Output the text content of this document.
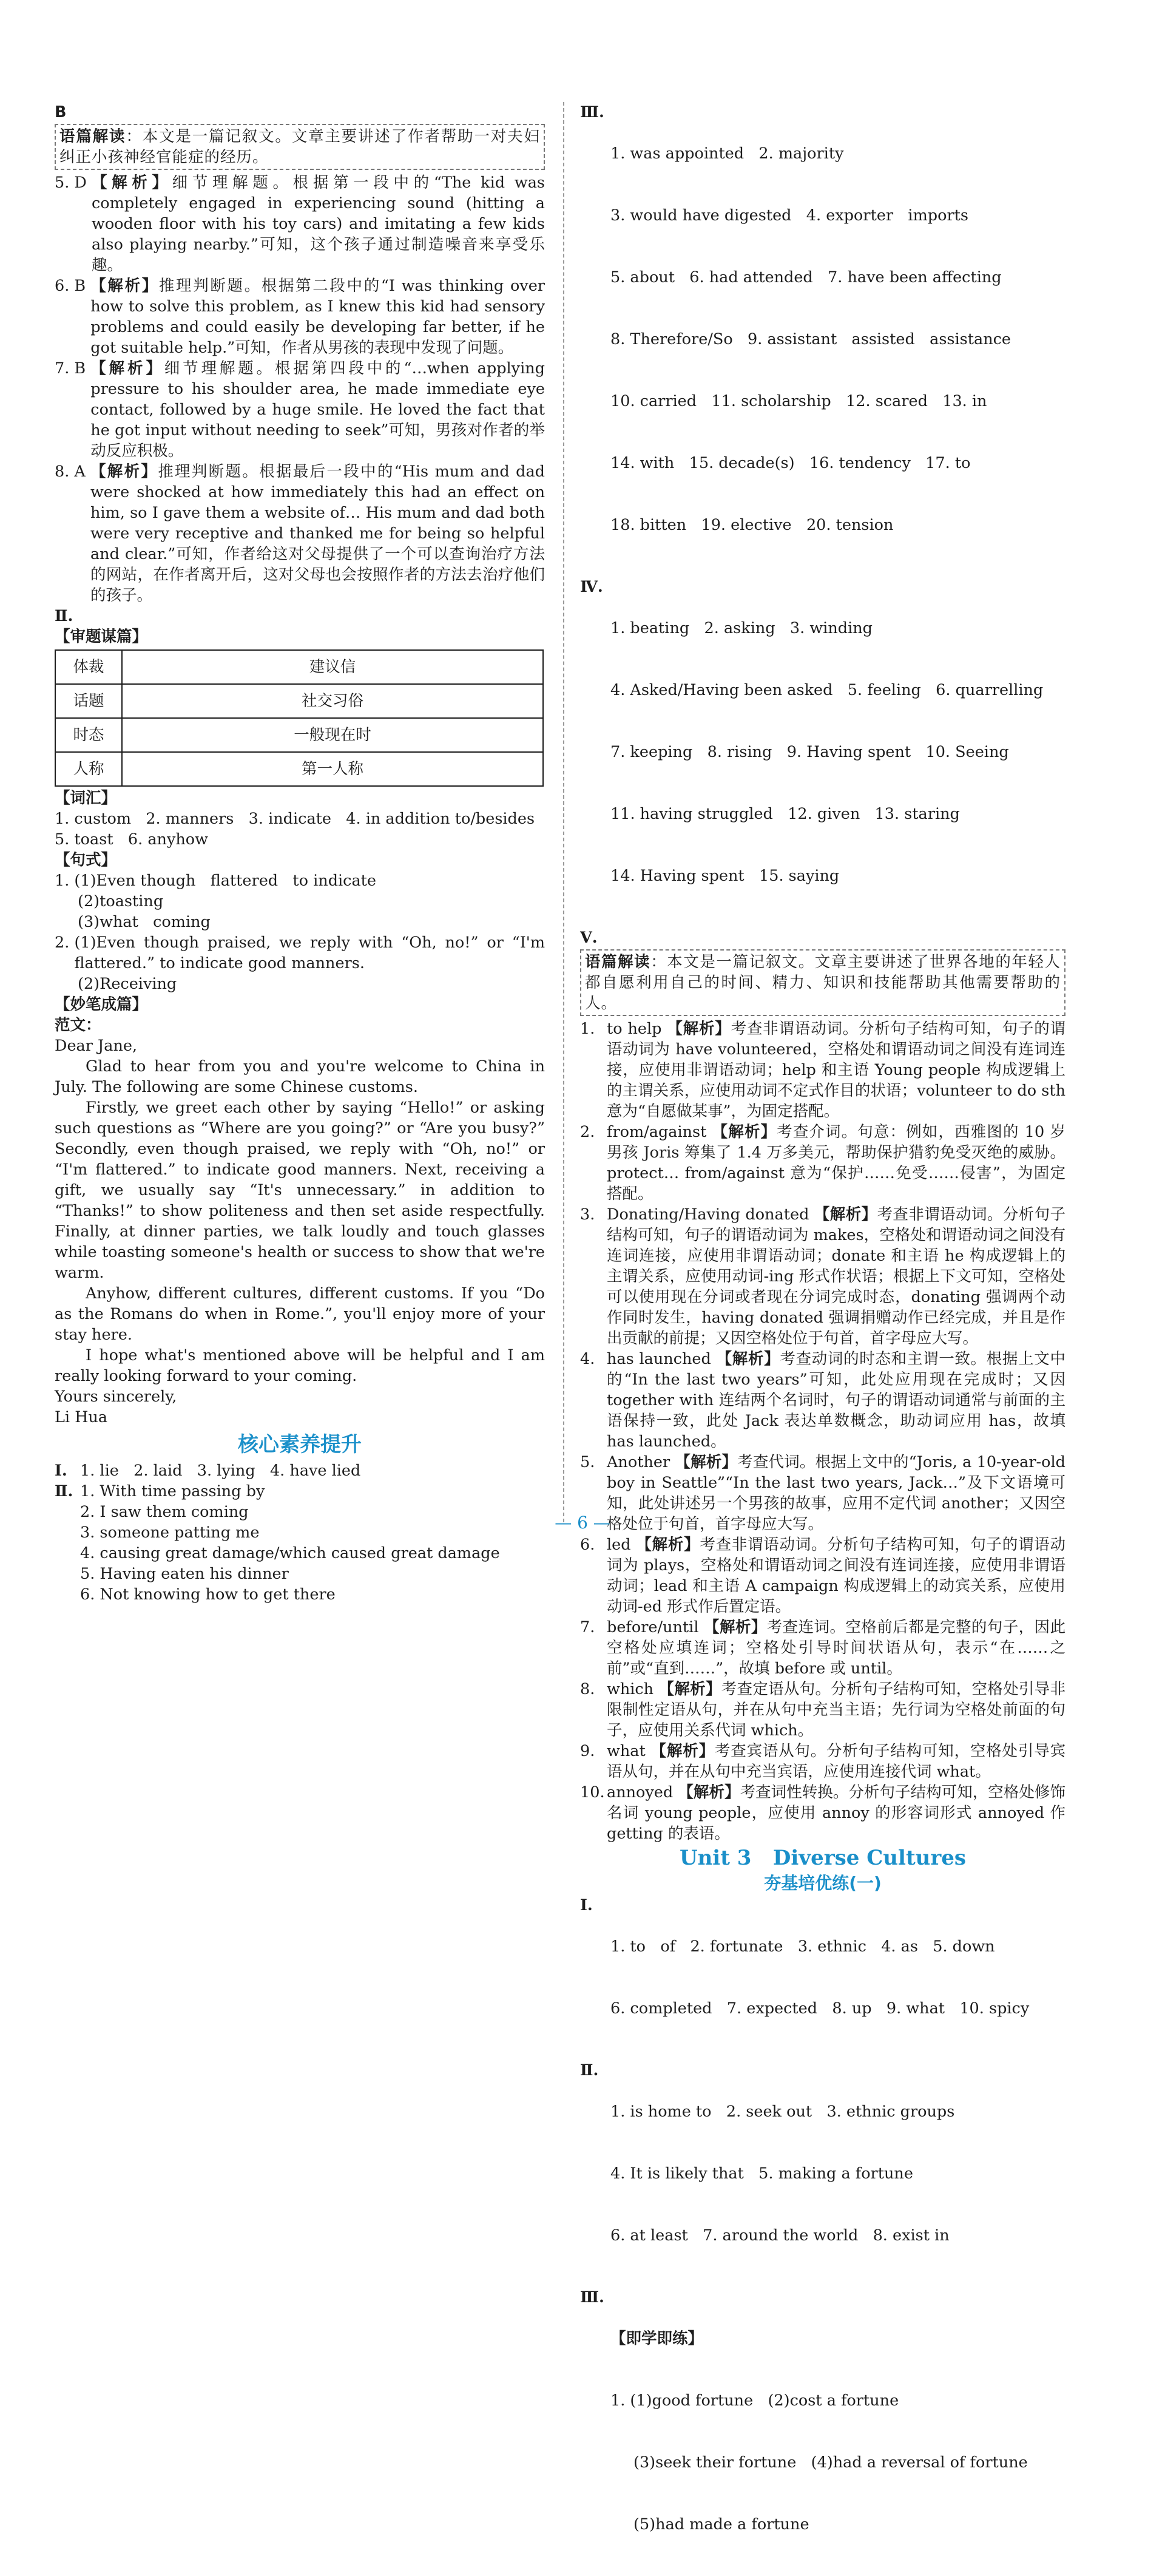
B

语篇解读：本文是一篇记叙文。文章主要讲述了作者帮助一对夫妇纠正小孩神经官能症的经历。
5. D 【解析】细节理解题。根据第一段中的“The kid was completely engaged in experiencing sound (hitting a wooden floor with his toy cars) and imitating a few kids also playing nearby.”可知，这个孩子通过制造噪音来享受乐趣。
6. B 【解析】推理判断题。根据第二段中的“I was thinking over how to solve this problem, as I knew this kid had sensory problems and could easily be developing far better, if he got suitable help.”可知，作者从男孩的表现中发现了问题。
7. B 【解析】细节理解题。根据第四段中的“…when applying pressure to his shoulder area, he made immediate eye contact, followed by a huge smile. He loved the fact that he got input without needing to seek”可知，男孩对作者的举动反应积极。
8. A 【解析】推理判断题。根据最后一段中的“His mum and dad were shocked at how immediately this had an effect on him, so I gave them a website of… His mum and dad both were very receptive and thanked me for being so helpful and clear.”可知，作者给这对父母提供了一个可以查询治疗方法的网站，在作者离开后，这对父母也会按照作者的方法去治疗他们的孩子。

Ⅱ.

【审题谋篇】

体裁	建议信
话题	社交习俗
时态	一般现在时
人称	第一人称

【词汇】

1. custom   2. manners   3. indicate   4. in addition to/besides

5. toast   6. anyhow

【句式】

1. (1)Even though   flattered   to indicate

(2)toasting

(3)what   coming

2. (1)Even though praised, we reply with “Oh, no!” or “I'm flattered.” to indicate good manners.

(2)Receiving

【妙笔成篇】

范文：

Dear Jane,

Glad to hear from you and you're welcome to China in July. The following are some Chinese customs.

Firstly, we greet each other by saying “Hello!” or asking such questions as “Where are you going?” or “Are you busy?” Secondly, even though praised, we reply with “Oh, no!” or “I'm flattered.” to indicate good manners. Next, receiving a gift, we usually say “It's unnecessary.” in addition to “Thanks!” to show politeness and then set aside respectfully. Finally, at dinner parties, we talk loudly and touch glasses while toasting someone's health or success to show that we're warm.

Anyhow, different cultures, different customs. If you “Do as the Romans do when in Rome.”, you'll enjoy more of your stay here.

I hope what's mentioned above will be helpful and I am really looking forward to your coming.

Yours sincerely,

Li Hua

核心素养提升
Ⅰ. 1. lie   2. laid   3. lying   4. have lied
Ⅱ. 1. With time passing by

2. I saw them coming

3. someone patting me

4. causing great damage/which caused great damage

5. Having eaten his dinner

6. Not knowing how to get there

Ⅲ.

1. was appointed   2. majority

3. would have digested   4. exporter   imports

5. about   6. had attended   7. have been affecting

8. Therefore/So   9. assistant   assisted   assistance

10. carried   11. scholarship   12. scared   13. in

14. with   15. decade(s)   16. tendency   17. to

18. bitten   19. elective   20. tension

Ⅳ.

1. beating   2. asking   3. winding

4. Asked/Having been asked   5. feeling   6. quarrelling

7. keeping   8. rising   9. Having spent   10. Seeing

11. having struggled   12. given   13. staring

14. Having spent   15. saying

Ⅴ.

语篇解读：本文是一篇记叙文。文章主要讲述了世界各地的年轻人都自愿利用自己的时间、精力、知识和技能帮助其他需要帮助的人。
1. to help 【解析】考查非谓语动词。分析句子结构可知，句子的谓语动词为 have volunteered，空格处和谓语动词之间没有连词连接，应使用非谓语动词；help 和主语 Young people 构成逻辑上的主谓关系，应使用动词不定式作目的状语；volunteer to do sth 意为“自愿做某事”，为固定搭配。
2. from/against 【解析】考查介词。句意：例如，西雅图的 10 岁男孩 Joris 筹集了 1.4 万多美元，帮助保护猎豹免受灭绝的威胁。protect… from/against 意为“保护……免受……侵害”，为固定搭配。
3. Donating/Having donated 【解析】考查非谓语动词。分析句子结构可知，句子的谓语动词为 makes，空格处和谓语动词之间没有连词连接，应使用非谓语动词；donate 和主语 he 构成逻辑上的主谓关系，应使用动词-ing 形式作状语；根据上下文可知，空格处可以使用现在分词或者现在分词完成时态，donating 强调两个动作同时发生，having donated 强调捐赠动作已经完成，并且是作出贡献的前提；又因空格处位于句首，首字母应大写。
4. has launched 【解析】考查动词的时态和主谓一致。根据上文中的“In the last two years”可知，此处应用现在完成时；又因 together with 连结两个名词时，句子的谓语动词通常与前面的主语保持一致，此处 Jack 表达单数概念，助动词应用 has，故填 has launched。
5. Another 【解析】考查代词。根据上文中的“Joris, a 10-year-old boy in Seattle”“In the last two years, Jack…”及下文语境可知，此处讲述另一个男孩的故事，应用不定代词 another；又因空格处位于句首，首字母应大写。
6. led 【解析】考查非谓语动词。分析句子结构可知，句子的谓语动词为 plays，空格处和谓语动词之间没有连词连接，应使用非谓语动词；lead 和主语 A campaign 构成逻辑上的动宾关系，应使用动词-ed 形式作后置定语。
7. before/until 【解析】考查连词。空格前后都是完整的句子，因此空格处应填连词；空格处引导时间状语从句，表示“在……之前”或“直到……”，故填 before 或 until。
8. which 【解析】考查定语从句。分析句子结构可知，空格处引导非限制性定语从句，并在从句中充当主语；先行词为空格处前面的句子，应使用关系代词 which。
9. what 【解析】考查宾语从句。分析句子结构可知，空格处引导宾语从句，并在从句中充当宾语，应使用连接代词 what。
10.
annoyed 【解析】考查词性转换。分析句子结构可知，空格处修饰名词 young people，应使用 annoy 的形容词形式 annoyed 作 getting 的表语。
Unit 3   Diverse Cultures
夯基培优练(一)
Ⅰ.

1. to   of   2. fortunate   3. ethnic   4. as   5. down

6. completed   7. expected   8. up   9. what   10. spicy

Ⅱ.

1. is home to   2. seek out   3. ethnic groups

4. It is likely that   5. making a fortune

6. at least   7. around the world   8. exist in

Ⅲ.

【即学即练】

1. (1)good fortune   (2)cost a fortune

(3)seek their fortune   (4)had a reversal of fortune

(5)had made a fortune

— 6 —
